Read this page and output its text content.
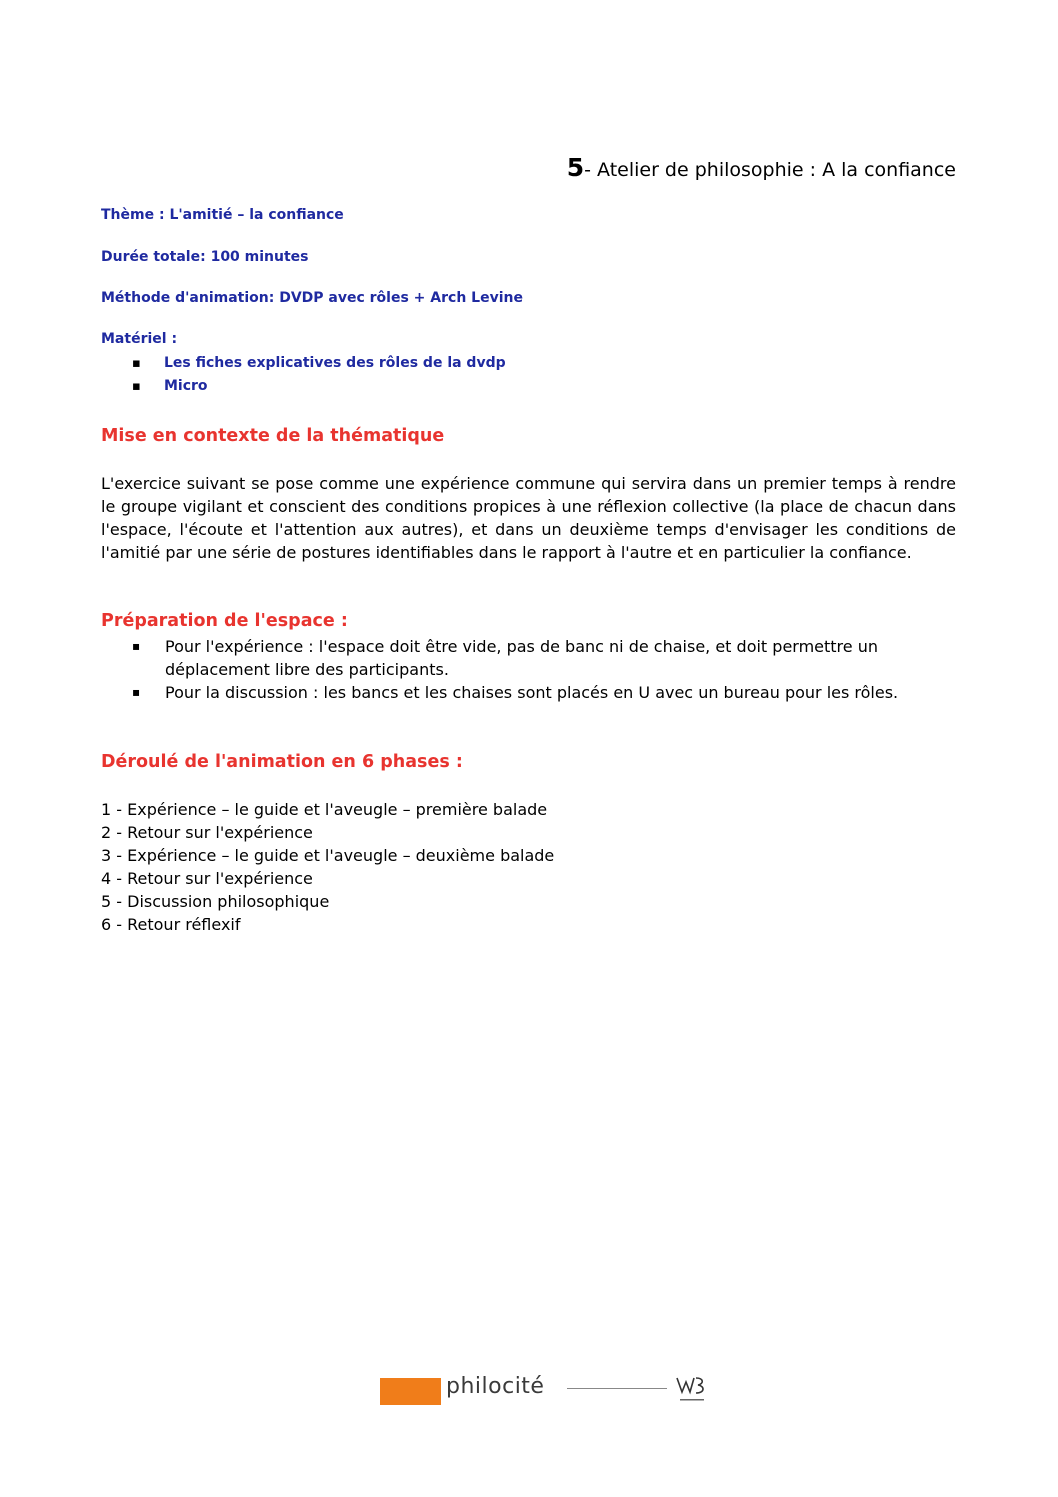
5- Atelier de philosophie : A la confiance
Thème : L'amitié – la confiance
Durée totale: 100 minutes
Méthode d'animation: DVDP avec rôles + Arch Levine
Matériel :
▪ Les fiches explicatives des rôles de la dvdp
▪ Micro
Mise en contexte de la thématique
L'exercice suivant se pose comme une expérience commune qui servira dans un premier temps à rendre le groupe vigilant et conscient des conditions propices à une réflexion collective (la place de chacun dans l'espace, l'écoute et l'attention aux autres), et dans un deuxième temps d'envisager les conditions de l'amitié par une série de postures identifiables dans le rapport à l'autre et en particulier la confiance.
Préparation de l'espace :
▪ Pour l'expérience : l'espace doit être vide, pas de banc ni de chaise, et doit permettre un déplacement libre des participants.
▪ Pour la discussion : les bancs et les chaises sont placés en U avec un bureau pour les rôles.
Déroulé de l'animation en 6 phases :
1 - Expérience – le guide et l'aveugle – première balade
2 - Retour sur l'expérience
3 - Expérience – le guide et l'aveugle – deuxième balade
4 - Retour sur l'expérience
5 - Discussion philosophique
6 - Retour réflexif
philocité
